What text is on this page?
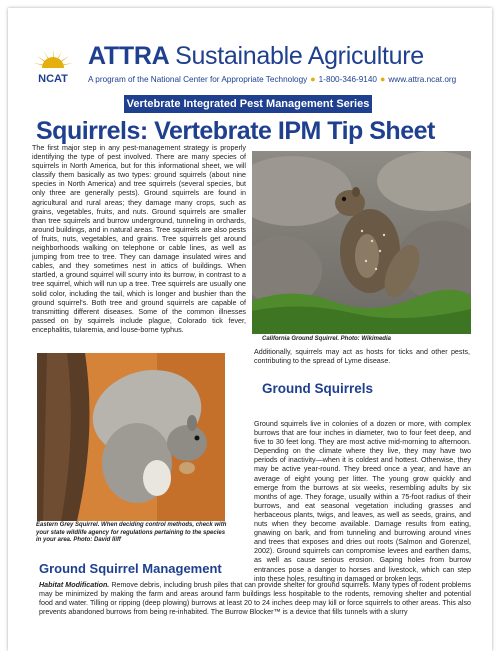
NCAT
ATTRA Sustainable Agriculture
A program of the National Center for Appropriate Technology ● 1-800-346-9140 ● www.attra.ncat.org
Vertebrate Integrated Pest Management Series
Squirrels: Vertebrate IPM Tip Sheet

The first major step in any pest-management strategy is properly identifying the type of pest involved. There are many species of squirrels in North America, but for this informational sheet, we will classify them basically as two types: ground squirrels (about nine species in North America) and tree squirrels (several species, but only three are generally pests). Ground squirrels are found in agricultural and rural areas; they damage many crops, such as grains, vegetables, fruits, and nuts. Ground squirrels are smaller than tree squirrels and burrow underground, tunneling in orchards, around buildings, and in natural areas. Tree squirrels are also pests of fruits, nuts, vegetables, and grains. Tree squirrels get around neighborhoods walking on telephone or cable lines, as well as jumping from tree to tree. They can damage insulated wires and cables, and they sometimes nest in attics of buildings. When startled, a ground squirrel will scurry into its burrow, in contrast to a tree squirrel, which will run up a tree. Tree squirrels are usually one solid color, including the tail, which is longer and bushier than the ground squirrel's. Both tree and ground squirrels are capable of transmitting different diseases. Some of the common illnesses passed on by squirrels include plague, Colorado tick fever, encephalitis, tularemia, and louse-borne typhus.

California Ground Squirrel. Photo: Wikimedia

Additionally, squirrels may act as hosts for ticks and other pests, contributing to the spread of Lyme disease.

Eastern Grey Squirrel. When deciding control methods, check with your state wildlife agency for regulations pertaining to the species in your area. Photo: David Iliff
Ground Squirrels

Ground squirrels live in colonies of a dozen or more, with complex burrows that are four inches in diameter, two to four feet deep, and five to 30 feet long. They are most active mid-morning to afternoon. Depending on the climate where they live, they may have two periods of inactivity—when it is coldest and hottest. Otherwise, they may be active year-round. They breed once a year, and have an average of eight young per litter. The young grow quickly and emerge from the burrows at six weeks, resembling adults by six months of age. They forage, usually within a 75-foot radius of their burrows, and eat seasonal vegetation including grasses and herbaceous plants, twigs, and leaves, as well as seeds, grains, and nuts when they become available. Damage results from eating, gnawing on bark, and from tunneling and burrowing around vines and trees that exposes and dries out roots (Salmon and Gorenzel, 2002). Ground squirrels can compromise levees and earthen dams, as well as cause serious erosion. Gaping holes from burrow entrances pose a danger to horses and livestock, which can step into these holes, resulting in damaged or broken legs.

Ground Squirrel Management

Habitat Modification. Remove debris, including brush piles that can provide shelter for ground squirrels. Many types of rodent problems may be minimized by making the farm and areas around farm buildings less hospitable to the rodents, removing shelter and potential food and water. Tilling or ripping (deep plowing) burrows at least 20 to 24 inches deep may kill or force squirrels to other areas. This also prevents abandoned burrows from being re-inhabited. The Burrow Blocker™ is a device that fills tunnels with a slurry
